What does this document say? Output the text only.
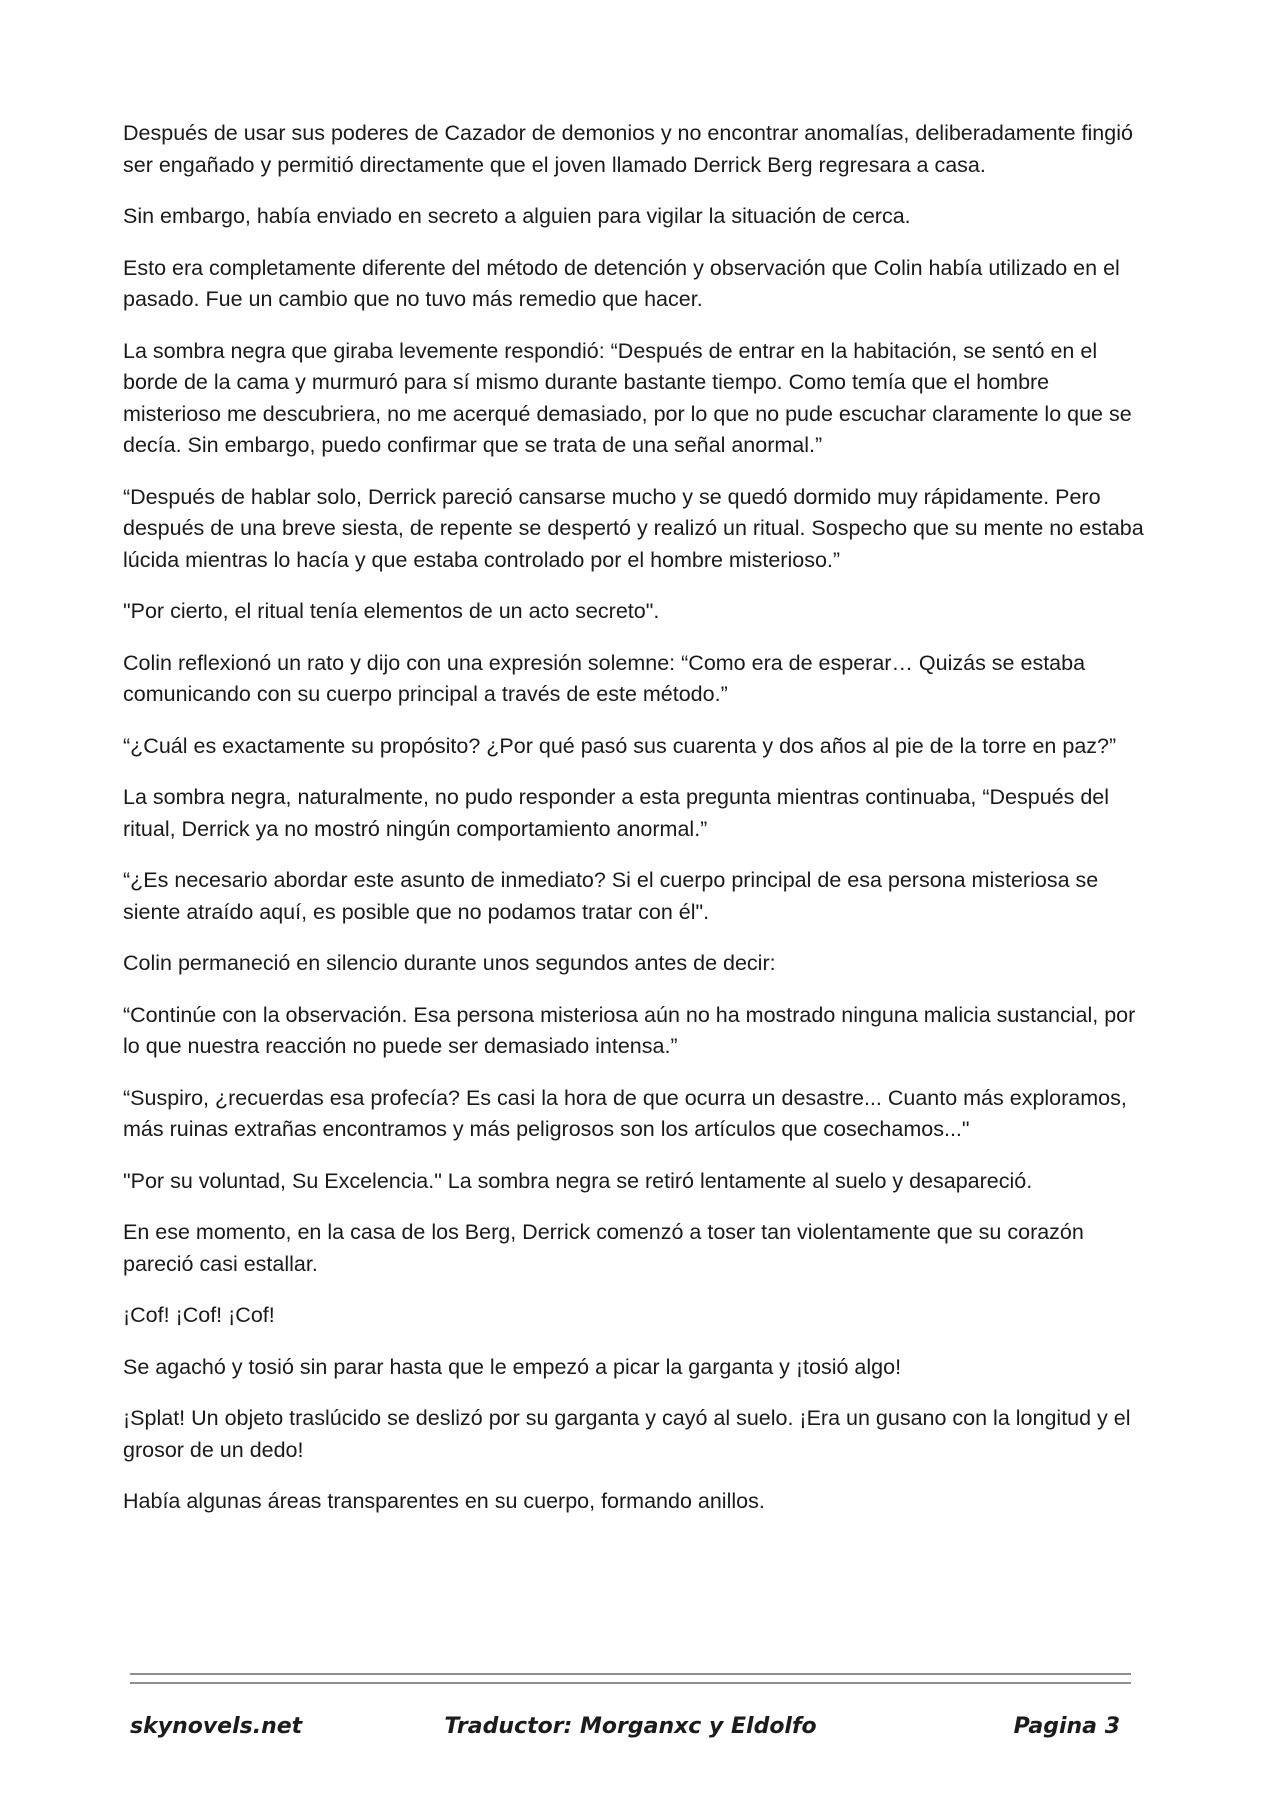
Después de usar sus poderes de Cazador de demonios y no encontrar anomalías, deliberadamente fingió ser engañado y permitió directamente que el joven llamado Derrick Berg regresara a casa.

Sin embargo, había enviado en secreto a alguien para vigilar la situación de cerca.

Esto era completamente diferente del método de detención y observación que Colin había utilizado en el pasado. Fue un cambio que no tuvo más remedio que hacer.

La sombra negra que giraba levemente respondió: “Después de entrar en la habitación, se sentó en el borde de la cama y murmuró para sí mismo durante bastante tiempo. Como temía que el hombre misterioso me descubriera, no me acerqué demasiado, por lo que no pude escuchar claramente lo que se decía. Sin embargo, puedo confirmar que se trata de una señal anormal.”

“Después de hablar solo, Derrick pareció cansarse mucho y se quedó dormido muy rápidamente. Pero después de una breve siesta, de repente se despertó y realizó un ritual. Sospecho que su mente no estaba lúcida mientras lo hacía y que estaba controlado por el hombre misterioso.”

"Por cierto, el ritual tenía elementos de un acto secreto".

Colin reflexionó un rato y dijo con una expresión solemne: “Como era de esperar… Quizás se estaba comunicando con su cuerpo principal a través de este método.”

“¿Cuál es exactamente su propósito? ¿Por qué pasó sus cuarenta y dos años al pie de la torre en paz?”

La sombra negra, naturalmente, no pudo responder a esta pregunta mientras continuaba, “Después del ritual, Derrick ya no mostró ningún comportamiento anormal.”

“¿Es necesario abordar este asunto de inmediato? Si el cuerpo principal de esa persona misteriosa se siente atraído aquí, es posible que no podamos tratar con él".

Colin permaneció en silencio durante unos segundos antes de decir:

“Continúe con la observación. Esa persona misteriosa aún no ha mostrado ninguna malicia sustancial, por lo que nuestra reacción no puede ser demasiado intensa.”

“Suspiro, ¿recuerdas esa profecía? Es casi la hora de que ocurra un desastre... Cuanto más exploramos, más ruinas extrañas encontramos y más peligrosos son los artículos que cosechamos..."

"Por su voluntad, Su Excelencia." La sombra negra se retiró lentamente al suelo y desapareció.

En ese momento, en la casa de los Berg, Derrick comenzó a toser tan violentamente que su corazón pareció casi estallar.

¡Cof! ¡Cof! ¡Cof!

Se agachó y tosió sin parar hasta que le empezó a picar la garganta y ¡tosió algo!

¡Splat! Un objeto traslúcido se deslizó por su garganta y cayó al suelo. ¡Era un gusano con la longitud y el grosor de un dedo!

Había algunas áreas transparentes en su cuerpo, formando anillos.

skynovels.net	Traductor: Morganxc y Eldolfo	Pagina 3
